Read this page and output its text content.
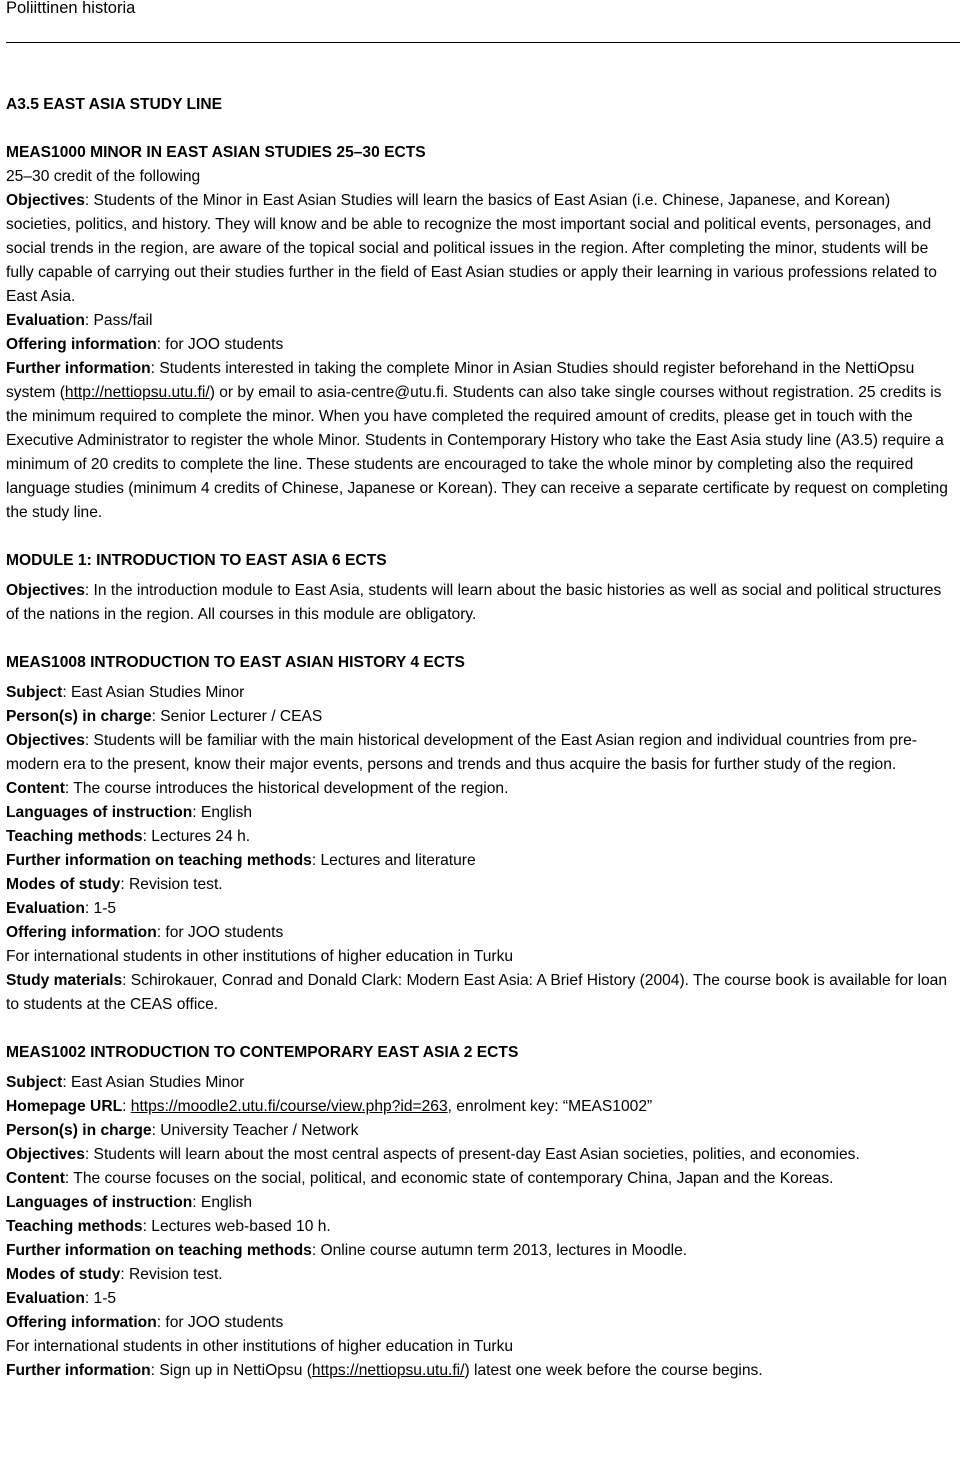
Poliittinen historia

A3.5 EAST ASIA STUDY LINE

MEAS1000 MINOR IN EAST ASIAN STUDIES 25–30 ECTS

25–30 credit of the following

Objectives: Students of the Minor in East Asian Studies will learn the basics of East Asian (i.e. Chinese, Japanese, and Korean) societies, politics, and history. They will know and be able to recognize the most important social and political events, personages, and social trends in the region, are aware of the topical social and political issues in the region. After completing the minor, students will be fully capable of carrying out their studies further in the field of East Asian studies or apply their learning in various professions related to East Asia.

Evaluation: Pass/fail

Offering information: for JOO students

Further information: Students interested in taking the complete Minor in Asian Studies should register beforehand in the NettiOpsu system (http://nettiopsu.utu.fi/) or by email to asia-centre@utu.fi. Students can also take single courses without registration. 25 credits is the minimum required to complete the minor. When you have completed the required amount of credits, please get in touch with the Executive Administrator to register the whole Minor. Students in Contemporary History who take the East Asia study line (A3.5) require a minimum of 20 credits to complete the line. These students are encouraged to take the whole minor by completing also the required language studies (minimum 4 credits of Chinese, Japanese or Korean). They can receive a separate certificate by request on completing the study line.

MODULE 1: INTRODUCTION TO EAST ASIA 6 ECTS

Objectives: In the introduction module to East Asia, students will learn about the basic histories as well as social and political structures of the nations in the region. All courses in this module are obligatory.

MEAS1008 INTRODUCTION TO EAST ASIAN HISTORY 4 ECTS

Subject: East Asian Studies Minor

Person(s) in charge: Senior Lecturer / CEAS

Objectives: Students will be familiar with the main historical development of the East Asian region and individual countries from pre-modern era to the present, know their major events, persons and trends and thus acquire the basis for further study of the region.

Content: The course introduces the historical development of the region.

Languages of instruction: English

Teaching methods: Lectures 24 h.

Further information on teaching methods: Lectures and literature

Modes of study: Revision test.

Evaluation: 1-5

Offering information: for JOO students

For international students in other institutions of higher education in Turku

Study materials: Schirokauer, Conrad and Donald Clark: Modern East Asia: A Brief History (2004). The course book is available for loan to students at the CEAS office.

MEAS1002 INTRODUCTION TO CONTEMPORARY EAST ASIA 2 ECTS

Subject: East Asian Studies Minor

Homepage URL: https://moodle2.utu.fi/course/view.php?id=263, enrolment key: “MEAS1002”

Person(s) in charge: University Teacher / Network

Objectives: Students will learn about the most central aspects of present-day East Asian societies, polities, and economies.

Content: The course focuses on the social, political, and economic state of contemporary China, Japan and the Koreas.

Languages of instruction: English

Teaching methods: Lectures web-based 10 h.

Further information on teaching methods: Online course autumn term 2013, lectures in Moodle.

Modes of study: Revision test.

Evaluation: 1-5

Offering information: for JOO students

For international students in other institutions of higher education in Turku

Further information: Sign up in NettiOpsu (https://nettiopsu.utu.fi/) latest one week before the course begins.
